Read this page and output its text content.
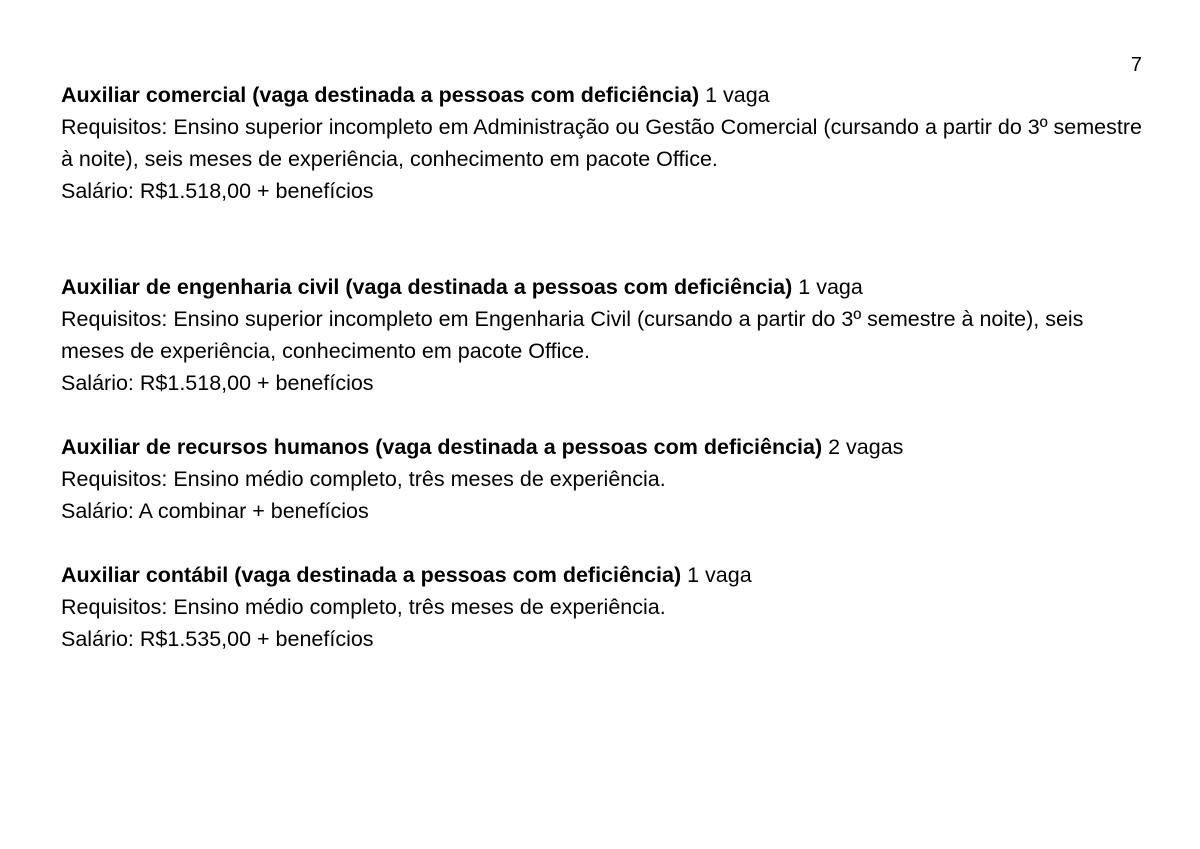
7

Auxiliar comercial (vaga destinada a pessoas com deficiência) 1 vaga

Requisitos: Ensino superior incompleto em Administração ou Gestão Comercial (cursando a partir do 3º semestre à noite), seis meses de experiência, conhecimento em pacote Office.

Salário: R$1.518,00 + benefícios

Auxiliar de engenharia civil (vaga destinada a pessoas com deficiência) 1 vaga

Requisitos: Ensino superior incompleto em Engenharia Civil (cursando a partir do 3º semestre à noite), seis meses de experiência, conhecimento em pacote Office.

Salário: R$1.518,00 + benefícios

Auxiliar de recursos humanos (vaga destinada a pessoas com deficiência) 2 vagas

Requisitos: Ensino médio completo, três meses de experiência.

Salário: A combinar + benefícios

Auxiliar contábil (vaga destinada a pessoas com deficiência) 1 vaga

Requisitos: Ensino médio completo, três meses de experiência.

Salário: R$1.535,00 + benefícios
